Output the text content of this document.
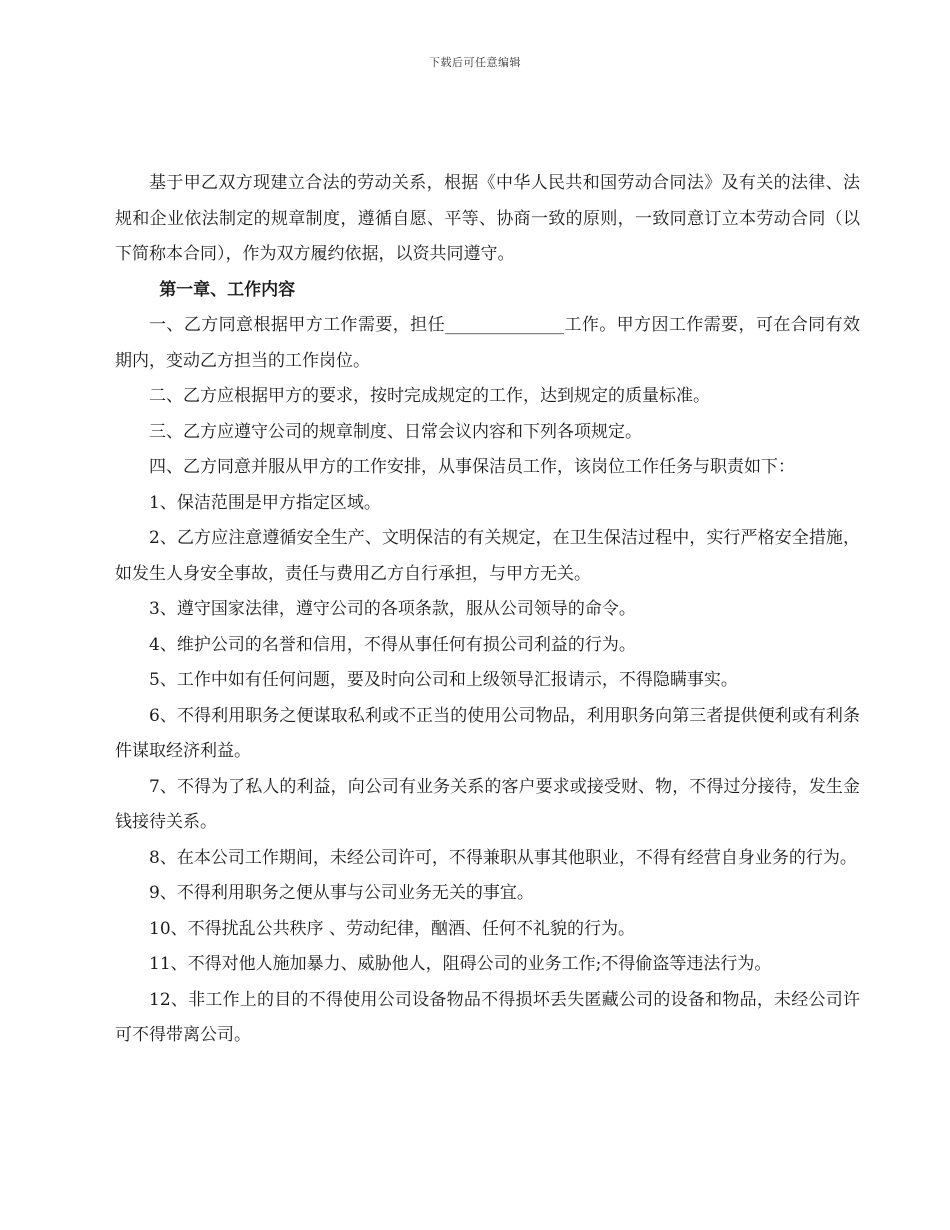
下载后可任意编辑

基于甲乙双方现建立合法的劳动关系，根据《中华人民共和国劳动合同法》及有关的法律、法规和企业依法制定的规章制度，遵循自愿、平等、协商一致的原则，一致同意订立本劳动合同（以下简称本合同），作为双方履约依据，以资共同遵守。

第一章、工作内容

一、乙方同意根据甲方工作需要，担任______________工作。甲方因工作需要，可在合同有效期内，变动乙方担当的工作岗位。

二、乙方应根据甲方的要求，按时完成规定的工作，达到规定的质量标准。

三、乙方应遵守公司的规章制度、日常会议内容和下列各项规定。

四、乙方同意并服从甲方的工作安排，从事保洁员工作，该岗位工作任务与职责如下：

1、保洁范围是甲方指定区域。

2、乙方应注意遵循安全生产、文明保洁的有关规定，在卫生保洁过程中，实行严格安全措施，如发生人身安全事故，责任与费用乙方自行承担，与甲方无关。

3、遵守国家法律，遵守公司的各项条款，服从公司领导的命令。

4、维护公司的名誉和信用，不得从事任何有损公司利益的行为。

5、工作中如有任何问题，要及时向公司和上级领导汇报请示，不得隐瞒事实。

6、不得利用职务之便谋取私利或不正当的使用公司物品，利用职务向第三者提供便利或有利条件谋取经济利益。

7、不得为了私人的利益，向公司有业务关系的客户要求或接受财、物，不得过分接待，发生金钱接待关系。

8、在本公司工作期间，未经公司许可，不得兼职从事其他职业，不得有经营自身业务的行为。

9、不得利用职务之便从事与公司业务无关的事宜。

10、不得扰乱公共秩序 、劳动纪律，酗酒、任何不礼貌的行为。

11、不得对他人施加暴力、威胁他人，阻碍公司的业务工作;不得偷盗等违法行为。

12、非工作上的目的不得使用公司设备物品不得损坏丢失匿藏公司的设备和物品，未经公司许可不得带离公司。
